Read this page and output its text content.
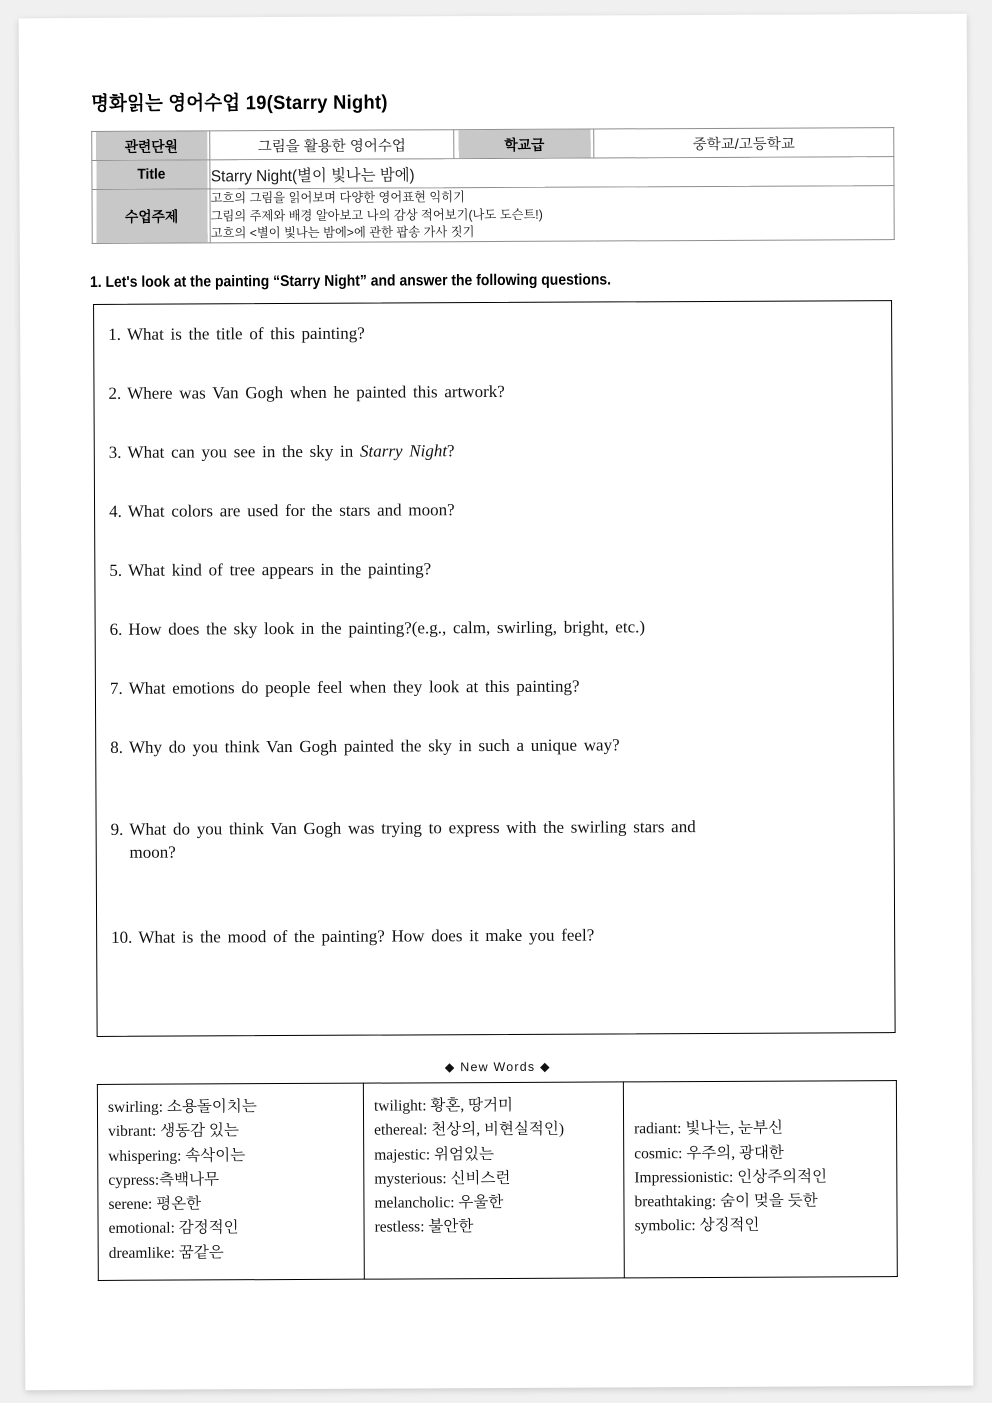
명화읽는 영어수업 19(Starry Night)
관련단원	그림을 활용한 영어수업	학교급	중학교/고등학교
Title	Starry Night(별이 빛나는 밤에)		
수업주제	고흐의 그림을 읽어보며 다양한 영어표현 익히기
그림의 주제와 배경 알아보고 나의 감상 적어보기(나도 도슨트!)
고흐의 <별이 빛나는 밤에>에 관한 팝송 가사 짓기		
1. Let's look at the painting “Starry Night” and answer the following questions.
1. What is the title of this painting?
2. Where was Van Gogh when he painted this artwork?
3. What can you see in the sky in Starry Night?
4. What colors are used for the stars and moon?
5. What kind of tree appears in the painting?
6. How does the sky look in the painting?(e.g., calm, swirling, bright, etc.)
7. What emotions do people feel when they look at this painting?
8. Why do you think Van Gogh painted the sky in such a unique way?
9. What do you think Van Gogh was trying to express with the swirling stars and
moon?
10. What is the mood of the painting? How does it make you feel?
◆ New Words ◆
swirling: 소용돌이치는
vibrant: 생동감 있는
whispering: 속삭이는
cypress:측백나무
serene: 평온한
emotional: 감정적인
dreamlike: 꿈같은

twilight: 황혼, 땅거미
ethereal: 천상의, 비현실적인)
majestic: 위엄있는
mysterious: 신비스런
melancholic: 우울한
restless: 불안한

radiant: 빛나는, 눈부신
cosmic: 우주의, 광대한
Impressionistic: 인상주의적인
breathtaking: 숨이 멎을 듯한
symbolic: 상징적인
